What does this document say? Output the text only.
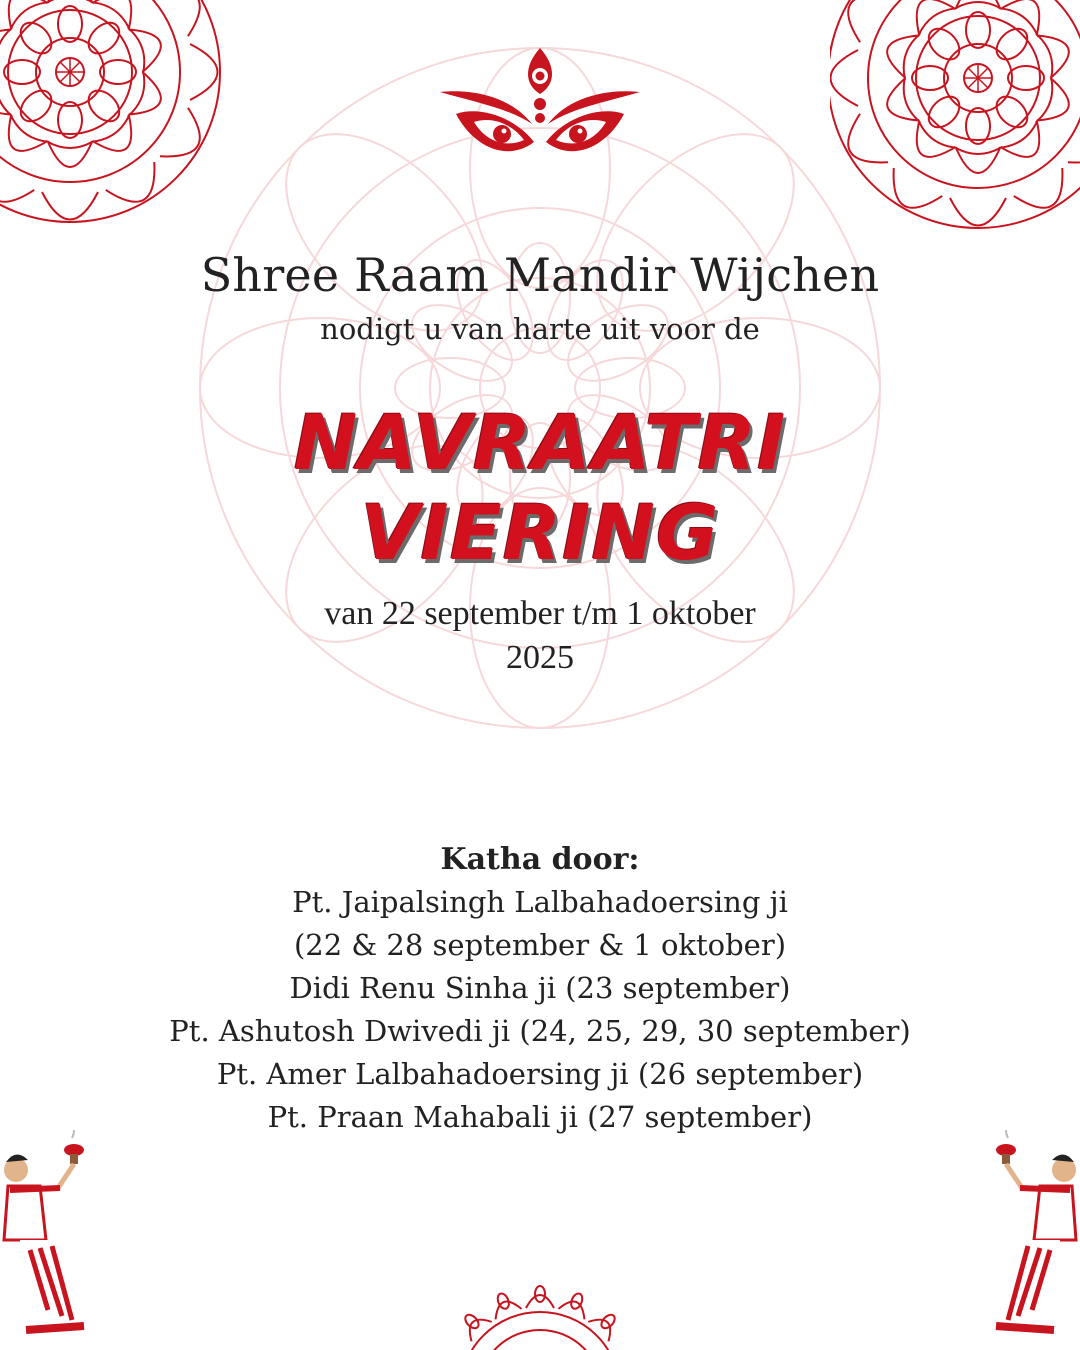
Shree Raam Mandir Wijchen
nodigt u van harte uit voor de
NAVRAATRI
VIERING
van 22 september t/m 1 oktober
2025
Katha door:
Pt. Jaipalsingh Lalbahadoersing ji
(22 & 28 september & 1 oktober)
Didi Renu Sinha ji (23 september)
Pt. Ashutosh Dwivedi ji (24, 25, 29, 30 september)
Pt. Amer Lalbahadoersing ji (26 september)
Pt. Praan Mahabali ji (27 september)
